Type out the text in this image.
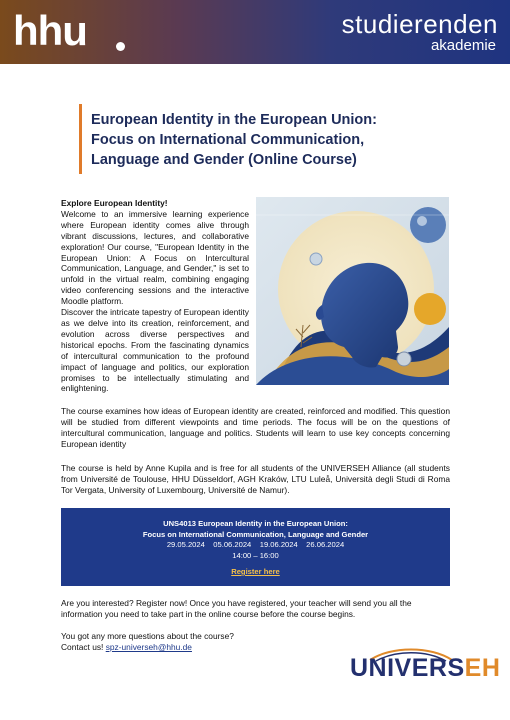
hhu	studierenden
akademie
European Identity in the European Union:
Focus on International Communication,
Language and Gender (Online Course)

Explore European Identity!

Welcome to an immersive learning experience where European identity comes alive through vibrant discussions, lectures, and collaborative exploration! Our course, "European Identity in the European Union: A Focus on Intercultural Communication, Language, and Gender," is set to unfold in the virtual realm, combining engaging video conferencing sessions and the interactive Moodle platform.

Discover the intricate tapestry of European identity as we delve into its creation, reinforcement, and evolution across diverse perspectives and historical epochs. From the fascinating dynamics of intercultural communication to the profound impact of language and politics, our exploration promises to be intellectually stimulating and enlightening.

The course examines how ideas of European identity are created, reinforced and modified. This question will be studied from different viewpoints and time periods. The focus will be on the questions of intercultural communication, language and politics. Students will learn to use key concepts concerning European identity

The course is held by Anne Kupila and is free for all students of the UNIVERSEH Alliance (all students from Université de Toulouse, HHU Düsseldorf, AGH Kraków, LTU Luleå, Università degli Studi di Roma Tor Vergata, University of Luxembourg, Université de Namur).

UNS4013 European Identity in the European Union:
Focus on International Communication, Language and Gender
29.05.2024    05.06.2024    19.06.2024    26.06.2024
14:00 – 16:00
Register here

Are you interested? Register now! Once you have registered, your teacher will send you all the information you need to take part in the online course before the course begins.

You got any more questions about the course?

Contact us! spz-universeh@hhu.de

UNIVERSEH
